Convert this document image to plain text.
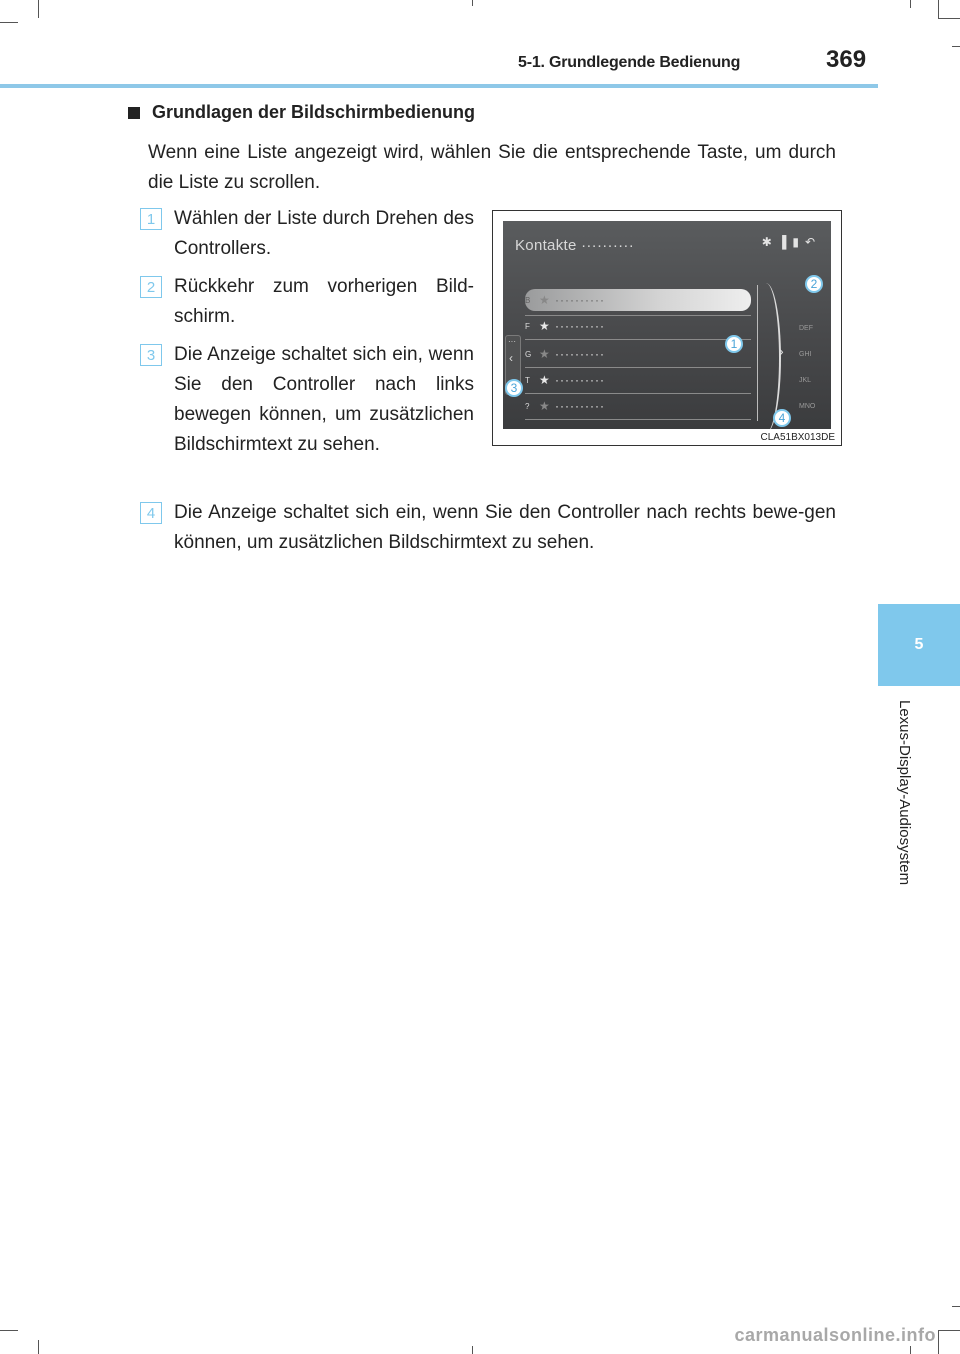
5-1. Grundlegende Bedienung	369
5
Lexus-Display-Audiosystem
Grundlagen der Bildschirmbedienung
Wenn eine Liste angezeigt wird, wählen Sie die entsprechende Taste, um durch die Liste zu scrollen.
1 Wählen der Liste durch Drehen des Controllers.
2 Rückkehr zum vorherigen Bild-schirm.
3 Die Anzeige schaltet sich ein, wenn Sie den Controller nach links bewegen können, um zusätzlichen Bildschirmtext zu sehen.
4 Die Anzeige schaltet sich ein, wenn Sie den Controller nach rechts bewe-gen können, um zusätzlichen Bildschirmtext zu sehen.
Kontakte ··········	✱ ▐ ▮ ↶
B ★ ··········
F ★ ··········
G ★ ··········
T ★ ··········
? ★ ··········
···
‹	›
DEF
GHI
JKL
MNO
1
2
3
4
CLA51BX013DE
carmanualsonline.info
